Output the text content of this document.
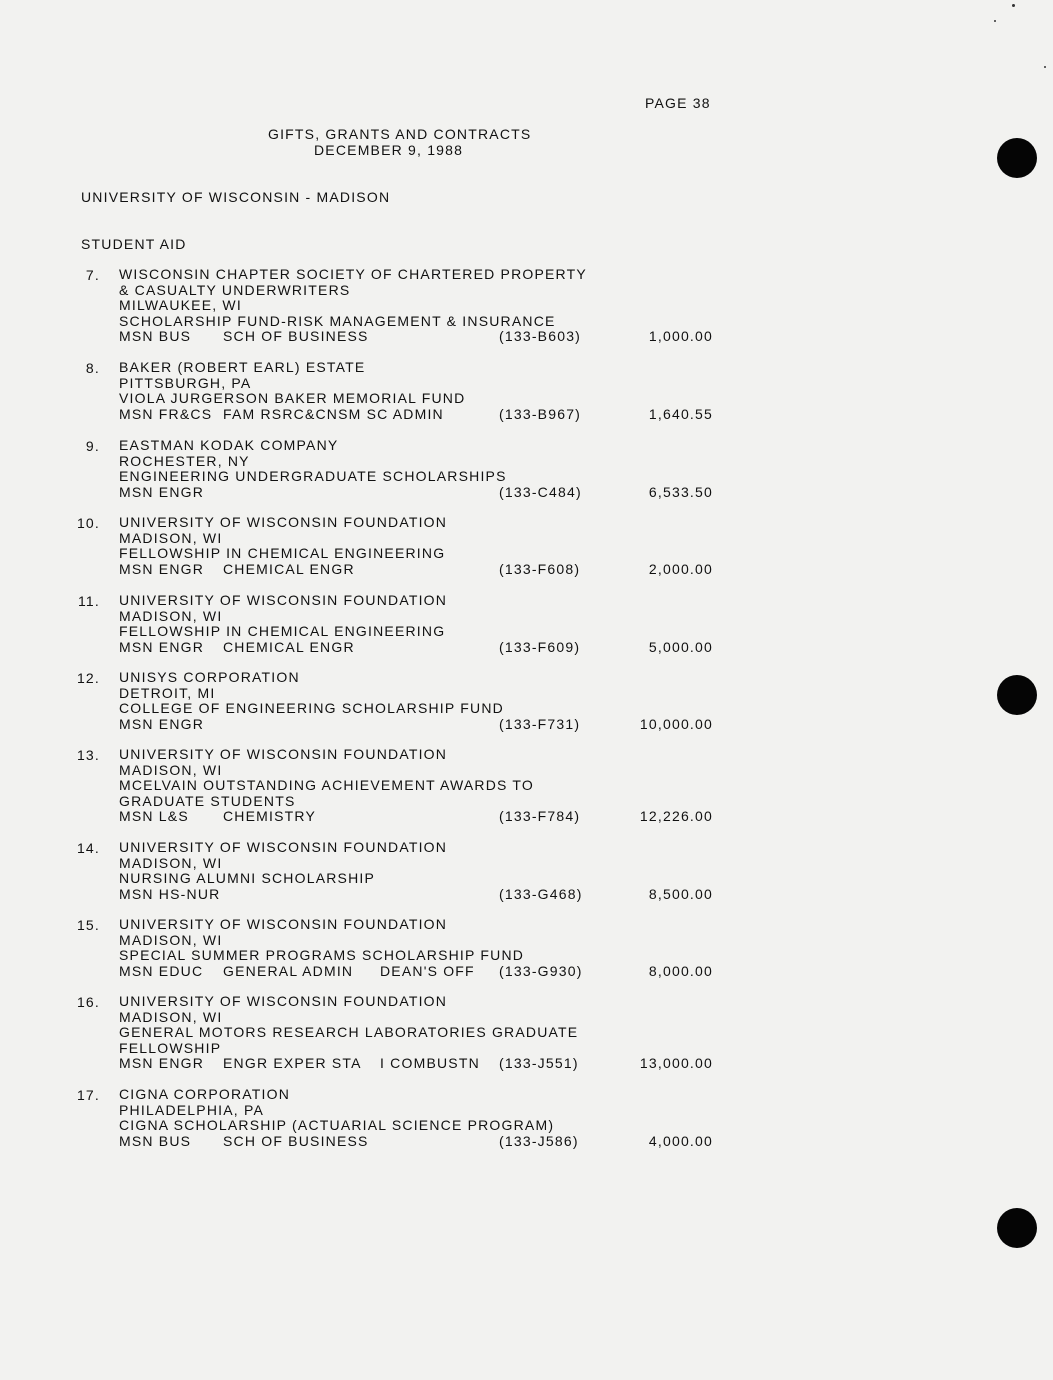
PAGE 38
GIFTS, GRANTS AND CONTRACTS
DECEMBER 9, 1988
UNIVERSITY OF WISCONSIN - MADISON
STUDENT AID
7. WISCONSIN CHAPTER SOCIETY OF CHARTERED PROPERTY
& CASUALTY UNDERWRITERS
MILWAUKEE, WI
SCHOLARSHIP FUND-RISK MANAGEMENT & INSURANCE
MSN BUS SCH OF BUSINESS	(133-B603)	1,000.00
8. BAKER (ROBERT EARL) ESTATE
PITTSBURGH, PA
VIOLA JURGERSON BAKER MEMORIAL FUND
MSN FR&CS FAM RSRC&CNSM SC ADMIN	(133-B967)	1,640.55
9. EASTMAN KODAK COMPANY
ROCHESTER, NY
ENGINEERING UNDERGRADUATE SCHOLARSHIPS
MSN ENGR	(133-C484)	6,533.50
10. UNIVERSITY OF WISCONSIN FOUNDATION
MADISON, WI
FELLOWSHIP IN CHEMICAL ENGINEERING
MSN ENGR CHEMICAL ENGR	(133-F608)	2,000.00
11. UNIVERSITY OF WISCONSIN FOUNDATION
MADISON, WI
FELLOWSHIP IN CHEMICAL ENGINEERING
MSN ENGR CHEMICAL ENGR	(133-F609)	5,000.00
12. UNISYS CORPORATION
DETROIT, MI
COLLEGE OF ENGINEERING SCHOLARSHIP FUND
MSN ENGR	(133-F731)	10,000.00
13. UNIVERSITY OF WISCONSIN FOUNDATION
MADISON, WI
MCELVAIN OUTSTANDING ACHIEVEMENT AWARDS TO
GRADUATE STUDENTS
MSN L&S CHEMISTRY	(133-F784)	12,226.00
14. UNIVERSITY OF WISCONSIN FOUNDATION
MADISON, WI
NURSING ALUMNI SCHOLARSHIP
MSN HS-NUR	(133-G468)	8,500.00
15. UNIVERSITY OF WISCONSIN FOUNDATION
MADISON, WI
SPECIAL SUMMER PROGRAMS SCHOLARSHIP FUND
MSN EDUC GENERAL ADMIN DEAN'S OFF (133-G930)	8,000.00
16. UNIVERSITY OF WISCONSIN FOUNDATION
MADISON, WI
GENERAL MOTORS RESEARCH LABORATORIES GRADUATE
FELLOWSHIP
MSN ENGR ENGR EXPER STA I COMBUSTN (133-J551)	13,000.00
17. CIGNA CORPORATION
PHILADELPHIA, PA
CIGNA SCHOLARSHIP (ACTUARIAL SCIENCE PROGRAM)
MSN BUS SCH OF BUSINESS	(133-J586)	4,000.00
